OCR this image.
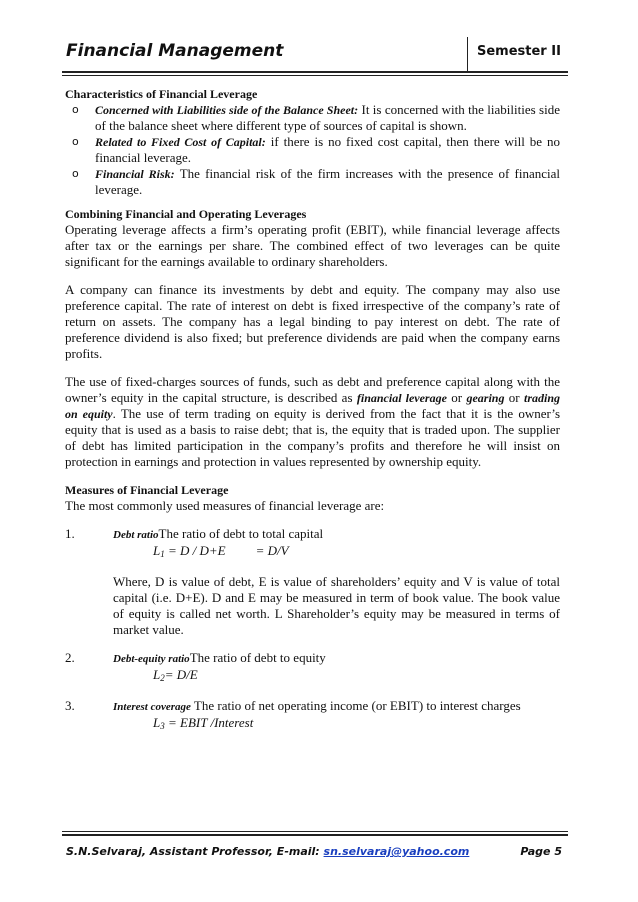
Financial Management	Semester II
Characteristics of Financial Leverage
o Concerned with Liabilities side of the Balance Sheet: It is concerned with the liabilities side of the balance sheet where different type of sources of capital is shown.
o Related to Fixed Cost of Capital: if there is no fixed cost capital, then there will be no financial leverage.
o Financial Risk: The financial risk of the firm increases with the presence of financial leverage.
Combining Financial and Operating Leverages

Operating leverage affects a firm’s operating profit (EBIT), while financial leverage affects after tax or the earnings per share. The combined effect of two leverages can be quite significant for the earnings available to ordinary shareholders.

A company can finance its investments by debt and equity. The company may also use preference capital. The rate of interest on debt is fixed irrespective of the company’s rate of return on assets. The company has a legal binding to pay interest on debt. The rate of preference dividend is also fixed; but preference dividends are paid when the company earns profits.

The use of fixed-charges sources of funds, such as debt and preference capital along with the owner’s equity in the capital structure, is described as financial leverage or gearing or trading on equity. The use of term trading on equity is derived from the fact that it is the owner’s equity that is used as a basis to raise debt; that is, the equity that is traded upon. The supplier of debt has limited participation in the company’s profits and therefore he will insist on protection in earnings and protection in values represented by ownership equity.

Measures of Financial Leverage

The most commonly used measures of financial leverage are:

1.	Debt ratioThe ratio of debt to total capital
$L_1 = D / D+E = D/V$

Where, D is value of debt, E is value of shareholders’ equity and V is value of total capital (i.e. D+E). D and E may be measured in term of book value. The book value of equity is called net worth. L Shareholder’s equity may be measured in terms of market value.

2.	Debt-equity ratioThe ratio of debt to equity
$L_2= D/E$
3.	Interest coverage The ratio of net operating income (or EBIT) to interest charges
$L_3$ = EBIT /Interest
S.N.Selvaraj, Assistant Professor, E-mail: sn.selvaraj@yahoo.com	Page 5
